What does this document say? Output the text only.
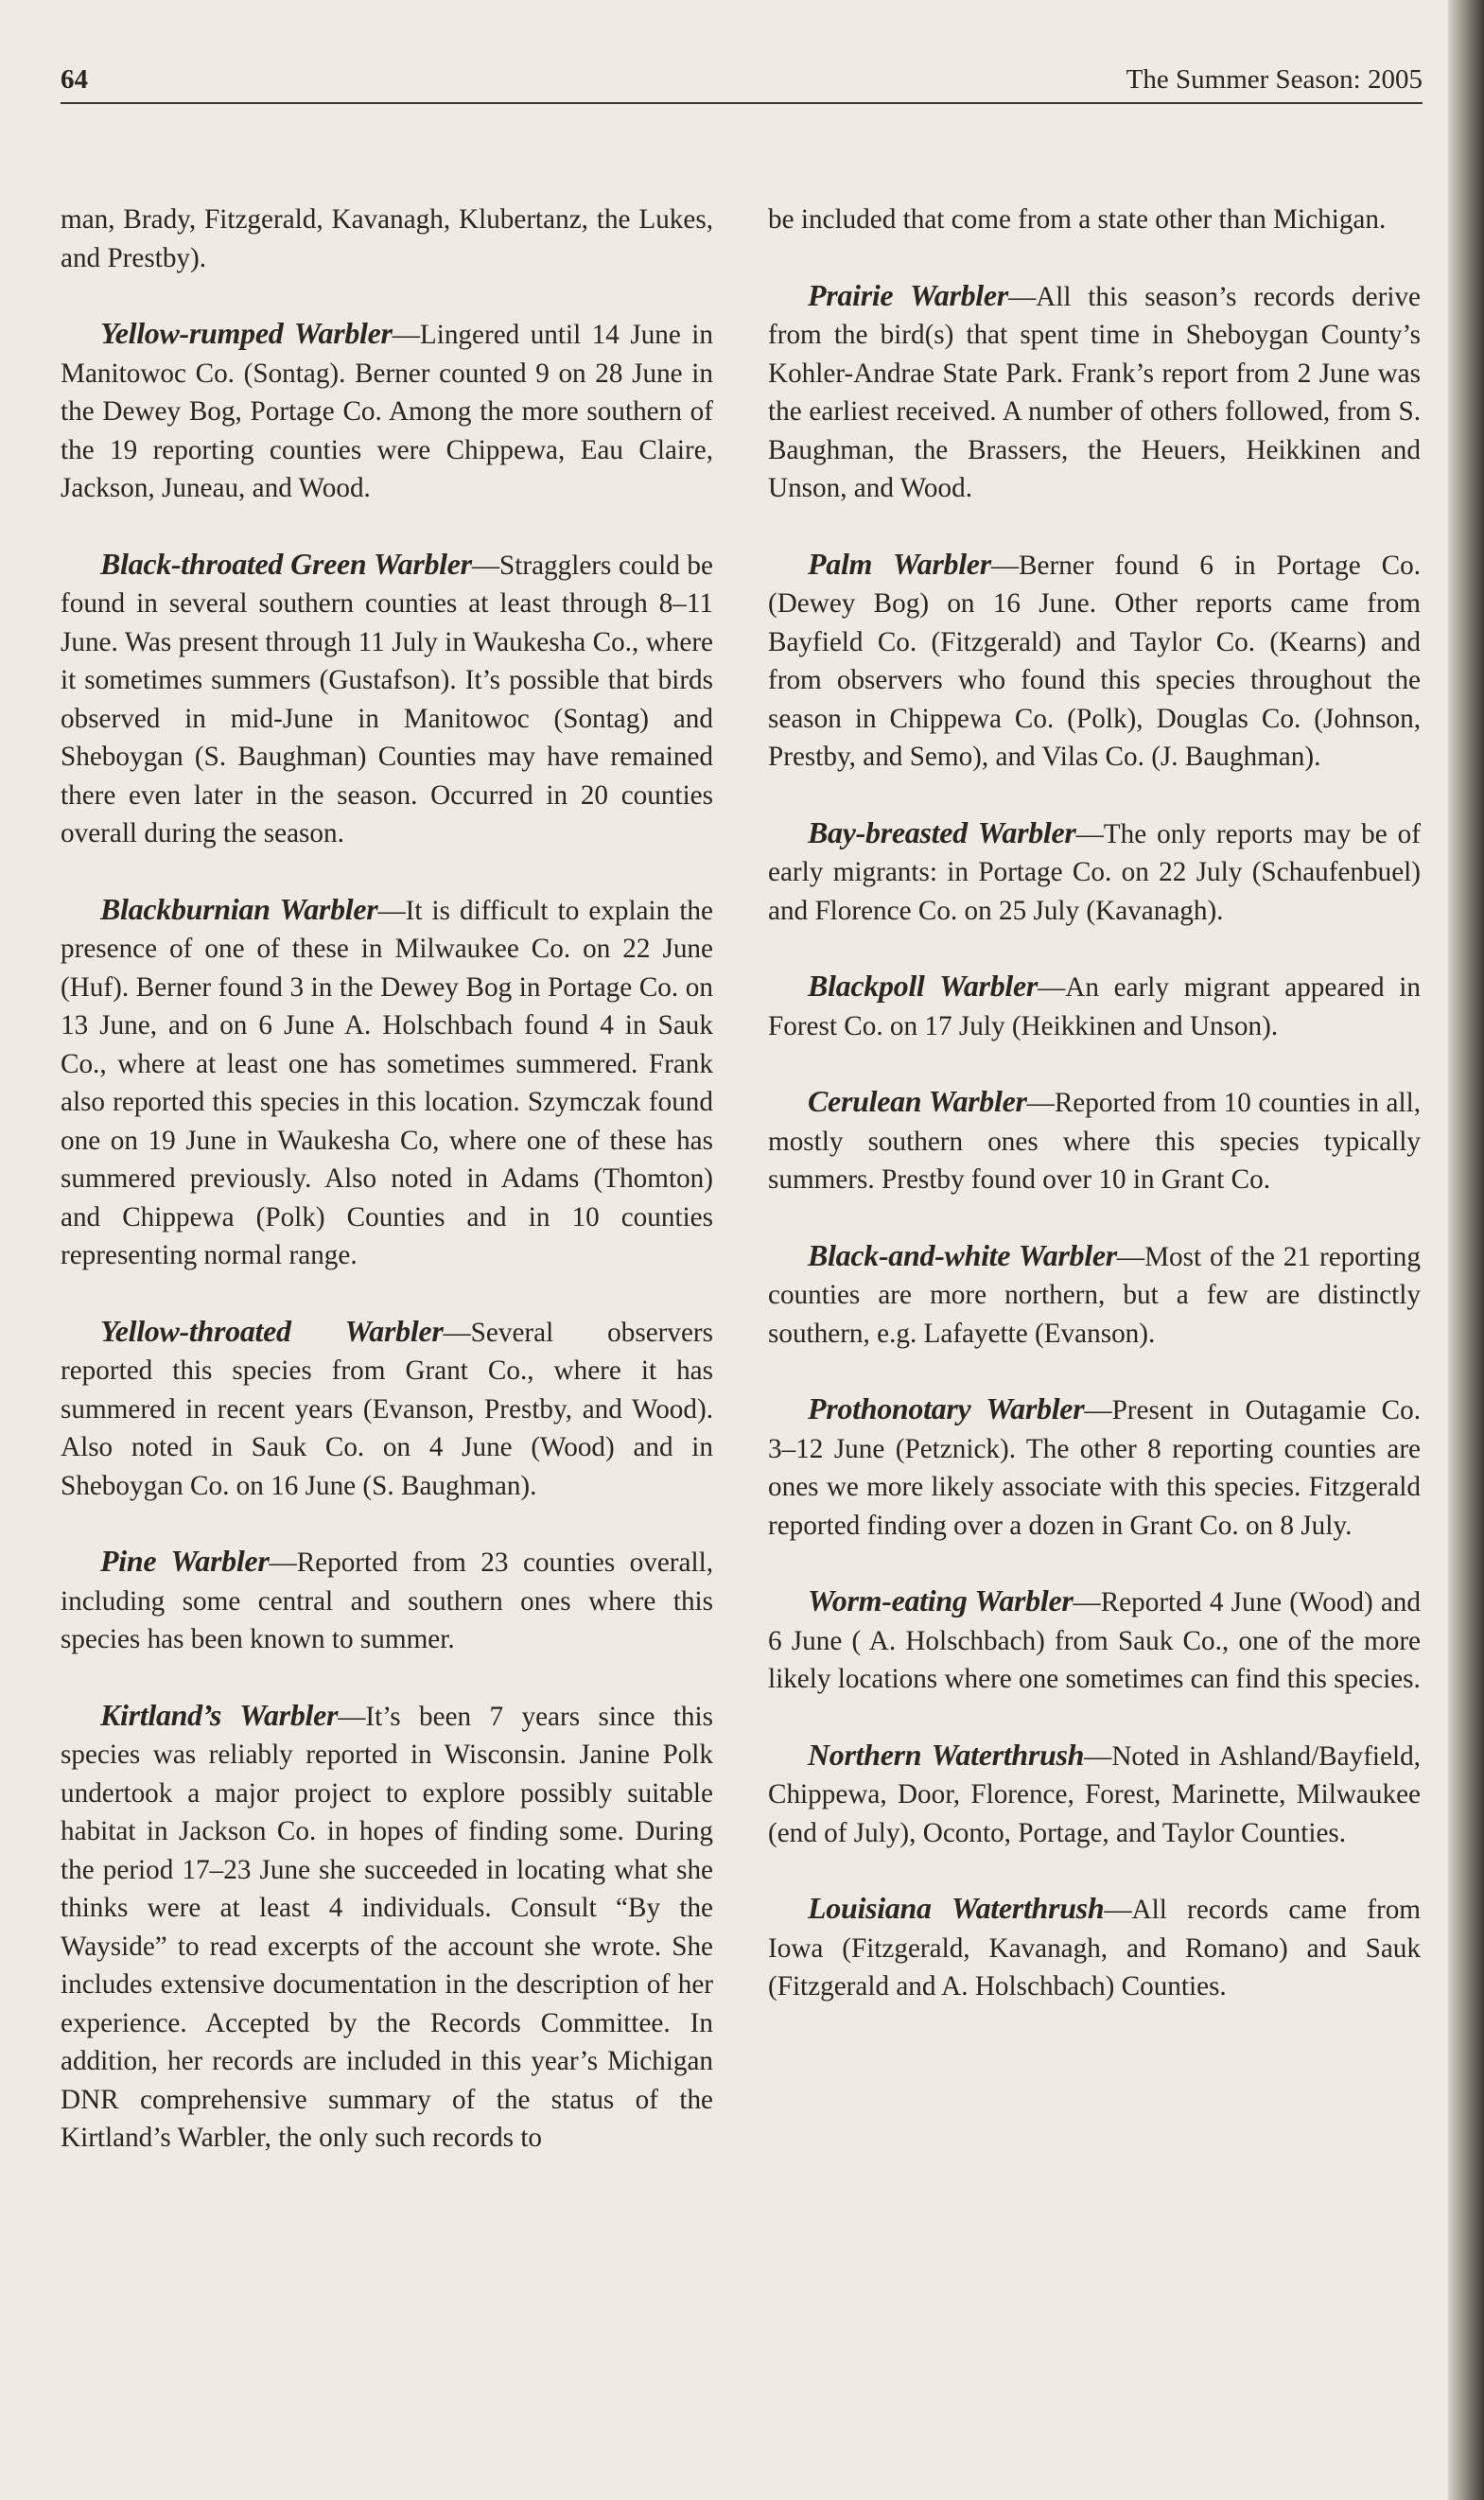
64	The Summer Season: 2005

man, Brady, Fitzgerald, Kavanagh, Klubertanz, the Lukes, and Prestby).

Yellow-rumped Warbler—Lingered until 14 June in Manitowoc Co. (Sontag). Berner counted 9 on 28 June in the Dewey Bog, Portage Co. Among the more southern of the 19 reporting counties were Chippewa, Eau Claire, Jackson, Juneau, and Wood.

Black-throated Green Warbler—Stragglers could be found in several southern counties at least through 8–11 June. Was present through 11 July in Waukesha Co., where it sometimes summers (Gustafson). It’s possible that birds observed in mid-June in Manitowoc (Sontag) and Sheboygan (S. Baughman) Counties may have remained there even later in the season. Occurred in 20 counties overall during the season.

Blackburnian Warbler—It is difficult to explain the presence of one of these in Milwaukee Co. on 22 June (Huf). Berner found 3 in the Dewey Bog in Portage Co. on 13 June, and on 6 June A. Holschbach found 4 in Sauk Co., where at least one has sometimes summered. Frank also reported this species in this location. Szymczak found one on 19 June in Waukesha Co, where one of these has summered previously. Also noted in Adams (Thomton) and Chippewa (Polk) Counties and in 10 counties representing normal range.

Yellow-throated Warbler—Several observers reported this species from Grant Co., where it has summered in recent years (Evanson, Prestby, and Wood). Also noted in Sauk Co. on 4 June (Wood) and in Sheboygan Co. on 16 June (S. Baughman).

Pine Warbler—Reported from 23 counties overall, including some central and southern ones where this species has been known to summer.

Kirtland’s Warbler—It’s been 7 years since this species was reliably reported in Wisconsin. Janine Polk undertook a major project to explore possibly suitable habitat in Jackson Co. in hopes of finding some. During the period 17–23 June she succeeded in locating what she thinks were at least 4 individuals. Consult “By the Wayside” to read excerpts of the account she wrote. She includes extensive documentation in the description of her experience. Accepted by the Records Committee. In addition, her records are included in this year’s Michigan DNR comprehensive summary of the status of the Kirtland’s Warbler, the only such records to

be included that come from a state other than Michigan.

Prairie Warbler—All this season’s records derive from the bird(s) that spent time in Sheboygan County’s Kohler-Andrae State Park. Frank’s report from 2 June was the earliest received. A number of others followed, from S. Baughman, the Brassers, the Heuers, Heikkinen and Unson, and Wood.

Palm Warbler—Berner found 6 in Portage Co. (Dewey Bog) on 16 June. Other reports came from Bayfield Co. (Fitzgerald) and Taylor Co. (Kearns) and from observers who found this species throughout the season in Chippewa Co. (Polk), Douglas Co. (Johnson, Prestby, and Semo), and Vilas Co. (J. Baughman).

Bay-breasted Warbler—The only reports may be of early migrants: in Portage Co. on 22 July (Schaufenbuel) and Florence Co. on 25 July (Kavanagh).

Blackpoll Warbler—An early migrant appeared in Forest Co. on 17 July (Heikkinen and Unson).

Cerulean Warbler—Reported from 10 counties in all, mostly southern ones where this species typically summers. Prestby found over 10 in Grant Co.

Black-and-white Warbler—Most of the 21 reporting counties are more northern, but a few are distinctly southern, e.g. Lafayette (Evanson).

Prothonotary Warbler—Present in Outagamie Co. 3–12 June (Petznick). The other 8 reporting counties are ones we more likely associate with this species. Fitzgerald reported finding over a dozen in Grant Co. on 8 July.

Worm-eating Warbler—Reported 4 June (Wood) and 6 June ( A. Holschbach) from Sauk Co., one of the more likely locations where one sometimes can find this species.

Northern Waterthrush—Noted in Ashland/Bayfield, Chippewa, Door, Florence, Forest, Marinette, Milwaukee (end of July), Oconto, Portage, and Taylor Counties.

Louisiana Waterthrush—All records came from Iowa (Fitzgerald, Kavanagh, and Romano) and Sauk (Fitzgerald and A. Holschbach) Counties.
